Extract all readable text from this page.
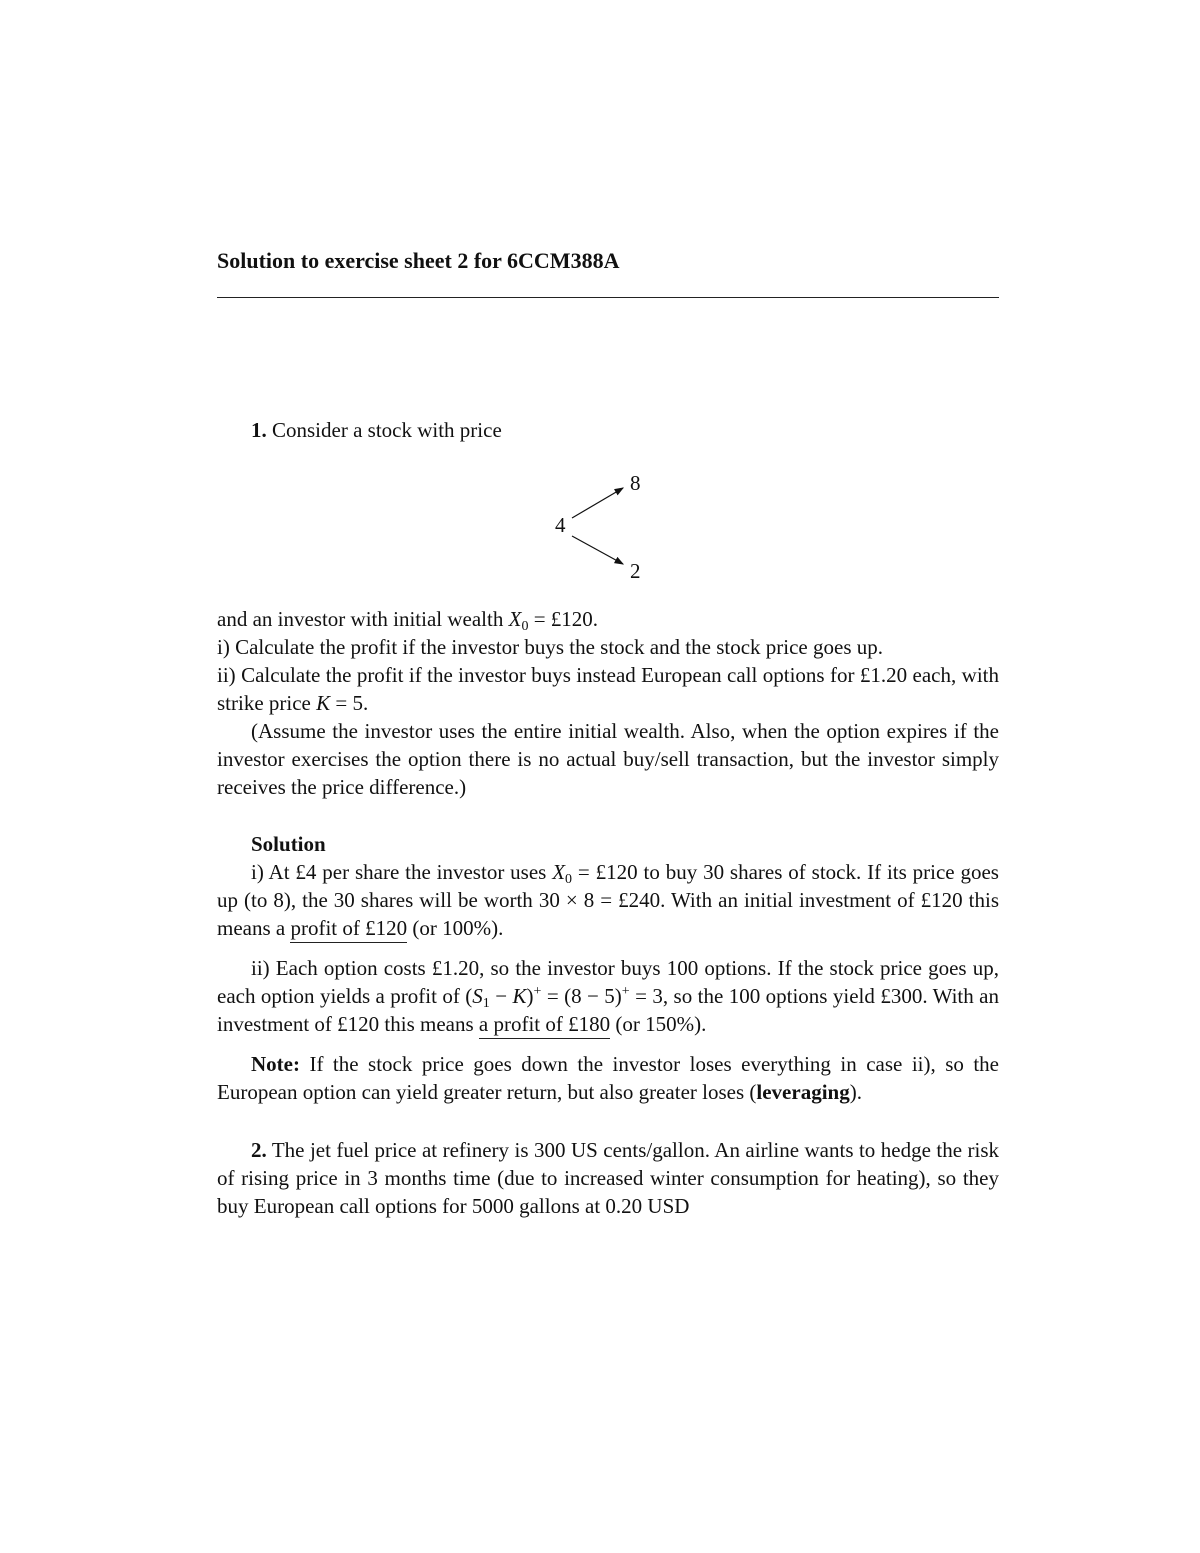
Solution to exercise sheet 2 for 6CCM388A

1. Consider a stock with price

4
8
2

and an investor with initial wealth $X_0$ = £120.

i) Calculate the profit if the investor buys the stock and the stock price goes up.

ii) Calculate the profit if the investor buys instead European call options for £1.20 each, with strike price K = 5.

(Assume the investor uses the entire initial wealth. Also, when the option expires if the investor exercises the option there is no actual buy/sell transaction, but the investor simply receives the price difference.)

Solution

i) At £4 per share the investor uses $X_0$ = £120 to buy 30 shares of stock. If its price goes up (to 8), the 30 shares will be worth 30 × 8 = £240. With an initial investment of £120 this means a profit of £120 (or 100%).

ii) Each option costs £1.20, so the investor buys 100 options. If the stock price goes up, each option yields a profit of $(S_1 - K)^+ = (8 - 5)^+ = 3$, so the 100 options yield £300. With an investment of £120 this means a profit of £180 (or 150%).

Note: If the stock price goes down the investor loses everything in case ii), so the European option can yield greater return, but also greater loses (leveraging).

2. The jet fuel price at refinery is 300 US cents/gallon. An airline wants to hedge the risk of rising price in 3 months time (due to increased winter consumption for heating), so they buy European call options for 5000 gallons at 0.20 USD
